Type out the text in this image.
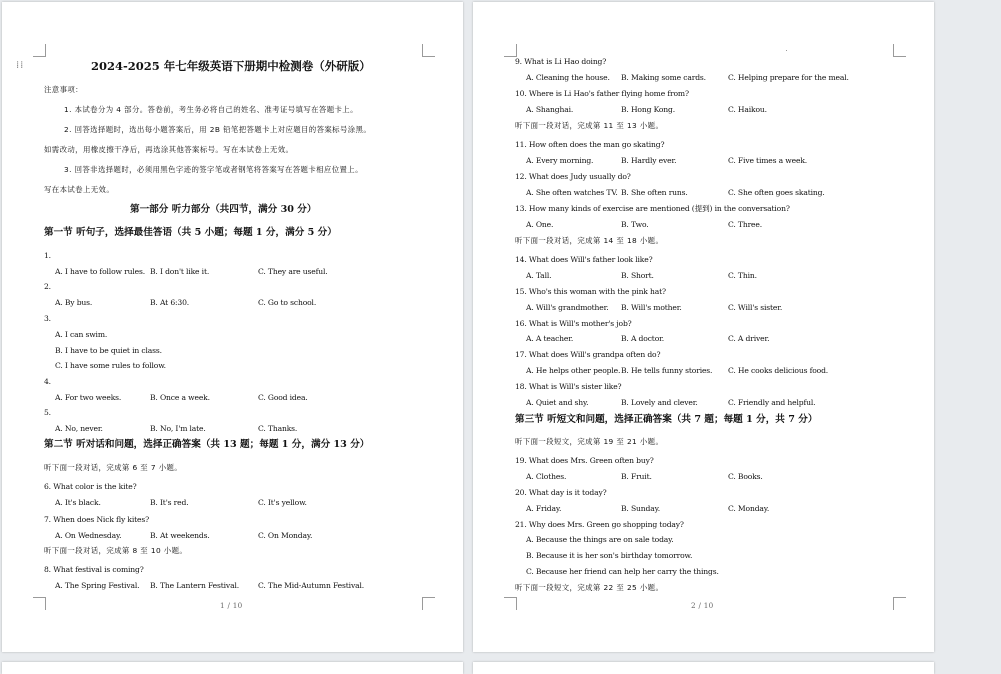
⁞⁞	2024-2025 年七年级英语下册期中检测卷（外研版）
注意事项：
1. 本试卷分为 4 部分。答卷前，考生务必将自己的姓名、准考证号填写在答题卡上。
2. 回答选择题时，选出每小题答案后，用 2B 铅笔把答题卡上对应题目的答案标号涂黑。
如需改动，用橡皮擦干净后，再选涂其他答案标号。写在本试卷上无效。
3. 回答非选择题时，必须用黑色字迹的签字笔或者钢笔将答案写在答题卡相应位置上。
写在本试卷上无效。
第一部分 听力部分（共四节，满分 30 分）
第一节 听句子，选择最佳答语（共 5 小题；每题 1 分，满分 5 分）
1.
A. I have to follow rules. B. I don't like it.	C. They are useful.
2.
A. By bus.	B. At 6:30.	C. Go to school.
3.
A. I can swim.
B. I have to be quiet in class.
C. I have some rules to follow.
4.
A. For two weeks.	B. Once a week.	C. Good idea.
5.
A. No, never.	B. No, I'm late.	C. Thanks.
第二节 听对话和问题，选择正确答案（共 13 题；每题 1 分，满分 13 分）
听下面一段对话，完成第 6 至 7 小题。
6. What color is the kite?
A. It's black.	B. It's red.	C. It's yellow.
7. When does Nick fly kites?
A. On Wednesday.	B. At weekends.	C. On Monday.
听下面一段对话，完成第 8 至 10 小题。
8. What festival is coming?
A. The Spring Festival. B. The Lantern Festival.	C. The Mid-Autumn Festival.
1 / 10
9. What is Li Hao doing?
A. Cleaning the house. B. Making some cards.	C. Helping prepare for the meal.
10. Where is Li Hao's father flying home from?
A. Shanghai.	B. Hong Kong.	C. Haikou.
听下面一段对话，完成第 11 至 13 小题。
11. How often does the man go skating?
A. Every morning.	B. Hardly ever.	C. Five times a week.
12. What does Judy usually do?
A. She often watches TV. B. She often runs.	C. She often goes skating.
13. How many kinds of exercise are mentioned (提到) in the conversation?
A. One.	B. Two.	C. Three.
听下面一段对话，完成第 14 至 18 小题。
14. What does Will's father look like?
A. Tall.	B. Short.	C. Thin.
15. Who's this woman with the pink hat?
A. Will's grandmother. B. Will's mother.	C. Will's sister.
16. What is Will's mother's job?
A. A teacher.	B. A doctor.	C. A driver.
17. What does Will's grandpa often do?
A. He helps other people. B. He tells funny stories. C. He cooks delicious food.
18. What is Will's sister like?
A. Quiet and shy.	B. Lovely and clever.	C. Friendly and helpful.
第三节 听短文和问题，选择正确答案（共 7 题；每题 1 分，共 7 分）
听下面一段短文，完成第 19 至 21 小题。
19. What does Mrs. Green often buy?
A. Clothes.	B. Fruit.	C. Books.
20. What day is it today?
A. Friday.	B. Sunday.	C. Monday.
21. Why does Mrs. Green go shopping today?
A. Because the things are on sale today.
B. Because it is her son's birthday tomorrow.
C. Because her friend can help her carry the things.
听下面一段短文，完成第 22 至 25 小题。
2 / 10
